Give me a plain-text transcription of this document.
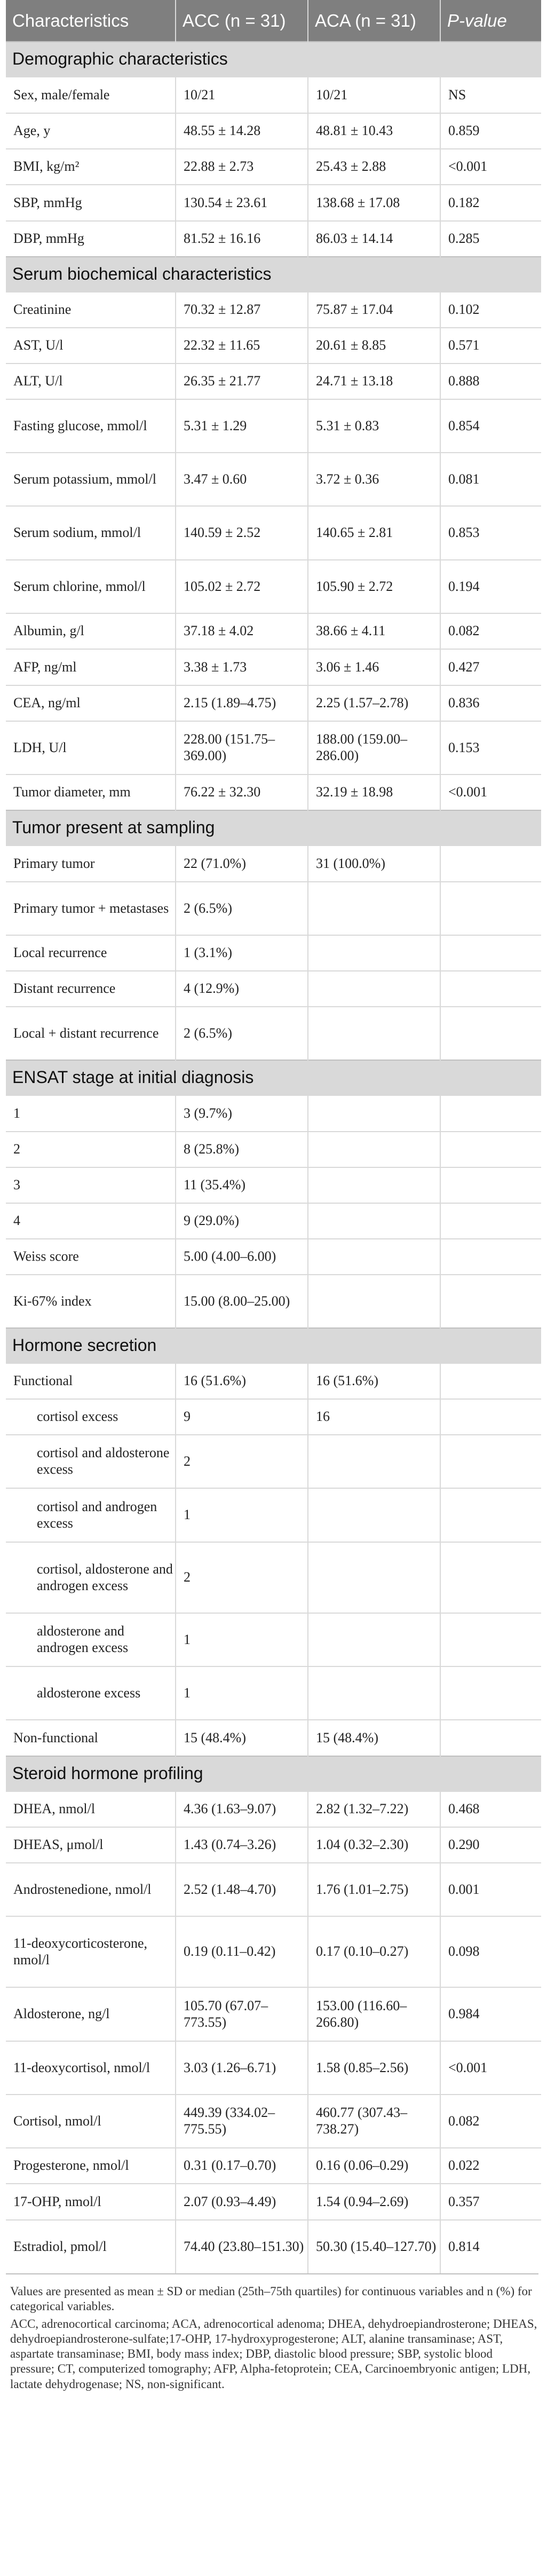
Characteristics	ACC (n = 31)	ACA (n = 31)	P-value
Demographic characteristics			
Sex, male/female	10/21	10/21	NS
Age, y	48.55 ± 14.28	48.81 ± 10.43	0.859
BMI, kg/m²	22.88 ± 2.73	25.43 ± 2.88	<0.001
SBP, mmHg	130.54 ± 23.61	138.68 ± 17.08	0.182
DBP, mmHg	81.52 ± 16.16	86.03 ± 14.14	0.285
Serum biochemical characteristics			
Creatinine	70.32 ± 12.87	75.87 ± 17.04	0.102
AST, U/l	22.32 ± 11.65	20.61 ± 8.85	0.571
ALT, U/l	26.35 ± 21.77	24.71 ± 13.18	0.888
Fasting glucose, mmol/l	5.31 ± 1.29	5.31 ± 0.83	0.854
Serum potassium, mmol/l	3.47 ± 0.60	3.72 ± 0.36	0.081
Serum sodium, mmol/l	140.59 ± 2.52	140.65 ± 2.81	0.853
Serum chlorine, mmol/l	105.02 ± 2.72	105.90 ± 2.72	0.194
Albumin, g/l	37.18 ± 4.02	38.66 ± 4.11	0.082
AFP, ng/ml	3.38 ± 1.73	3.06 ± 1.46	0.427
CEA, ng/ml	2.15 (1.89–4.75)	2.25 (1.57–2.78)	0.836
LDH, U/l	228.00 (151.75–369.00)	188.00 (159.00–286.00)	0.153
Tumor diameter, mm	76.22 ± 32.30	32.19 ± 18.98	<0.001
Tumor present at sampling			
Primary tumor	22 (71.0%)	31 (100.0%)	
Primary tumor + metastases	2 (6.5%)		
Local recurrence	1 (3.1%)		
Distant recurrence	4 (12.9%)		
Local + distant recurrence	2 (6.5%)		
ENSAT stage at initial diagnosis			
1	3 (9.7%)		
2	8 (25.8%)		
3	11 (35.4%)		
4	9 (29.0%)		
Weiss score	5.00 (4.00–6.00)		
Ki-67% index	15.00 (8.00–25.00)		
Hormone secretion			
Functional	16 (51.6%)	16 (51.6%)	
cortisol excess	9	16	
cortisol and aldosterone excess	2		
cortisol and androgen excess	1		
cortisol, aldosterone and androgen excess	2		
aldosterone and androgen excess	1		
aldosterone excess	1		
Non-functional	15 (48.4%)	15 (48.4%)	
Steroid hormone profiling			
DHEA, nmol/l	4.36 (1.63–9.07)	2.82 (1.32–7.22)	0.468
DHEAS, μmol/l	1.43 (0.74–3.26)	1.04 (0.32–2.30)	0.290
Androstenedione, nmol/l	2.52 (1.48–4.70)	1.76 (1.01–2.75)	0.001
11-deoxycorticosterone, nmol/l	0.19 (0.11–0.42)	0.17 (0.10–0.27)	0.098
Aldosterone, ng/l	105.70 (67.07–773.55)	153.00 (116.60–266.80)	0.984
11-deoxycortisol, nmol/l	3.03 (1.26–6.71)	1.58 (0.85–2.56)	<0.001
Cortisol, nmol/l	449.39 (334.02–775.55)	460.77 (307.43–738.27)	0.082
Progesterone, nmol/l	0.31 (0.17–0.70)	0.16 (0.06–0.29)	0.022
17-OHP, nmol/l	2.07 (0.93–4.49)	1.54 (0.94–2.69)	0.357
Estradiol, pmol/l	74.40 (23.80–151.30)	50.30 (15.40–127.70)	0.814

Values are presented as mean ± SD or median (25th–75th quartiles) for continuous variables and n (%) for categorical variables.

ACC, adrenocortical carcinoma; ACA, adrenocortical adenoma; DHEA, dehydroepiandrosterone; DHEAS, dehydroepiandrosterone-sulfate;17-OHP, 17-hydroxyprogesterone; ALT, alanine transaminase; AST, aspartate transaminase; BMI, body mass index; DBP, diastolic blood pressure; SBP, systolic blood pressure; CT, computerized tomography; AFP, Alpha-fetoprotein; CEA, Carcinoembryonic antigen; LDH, lactate dehydrogenase; NS, non-significant.
